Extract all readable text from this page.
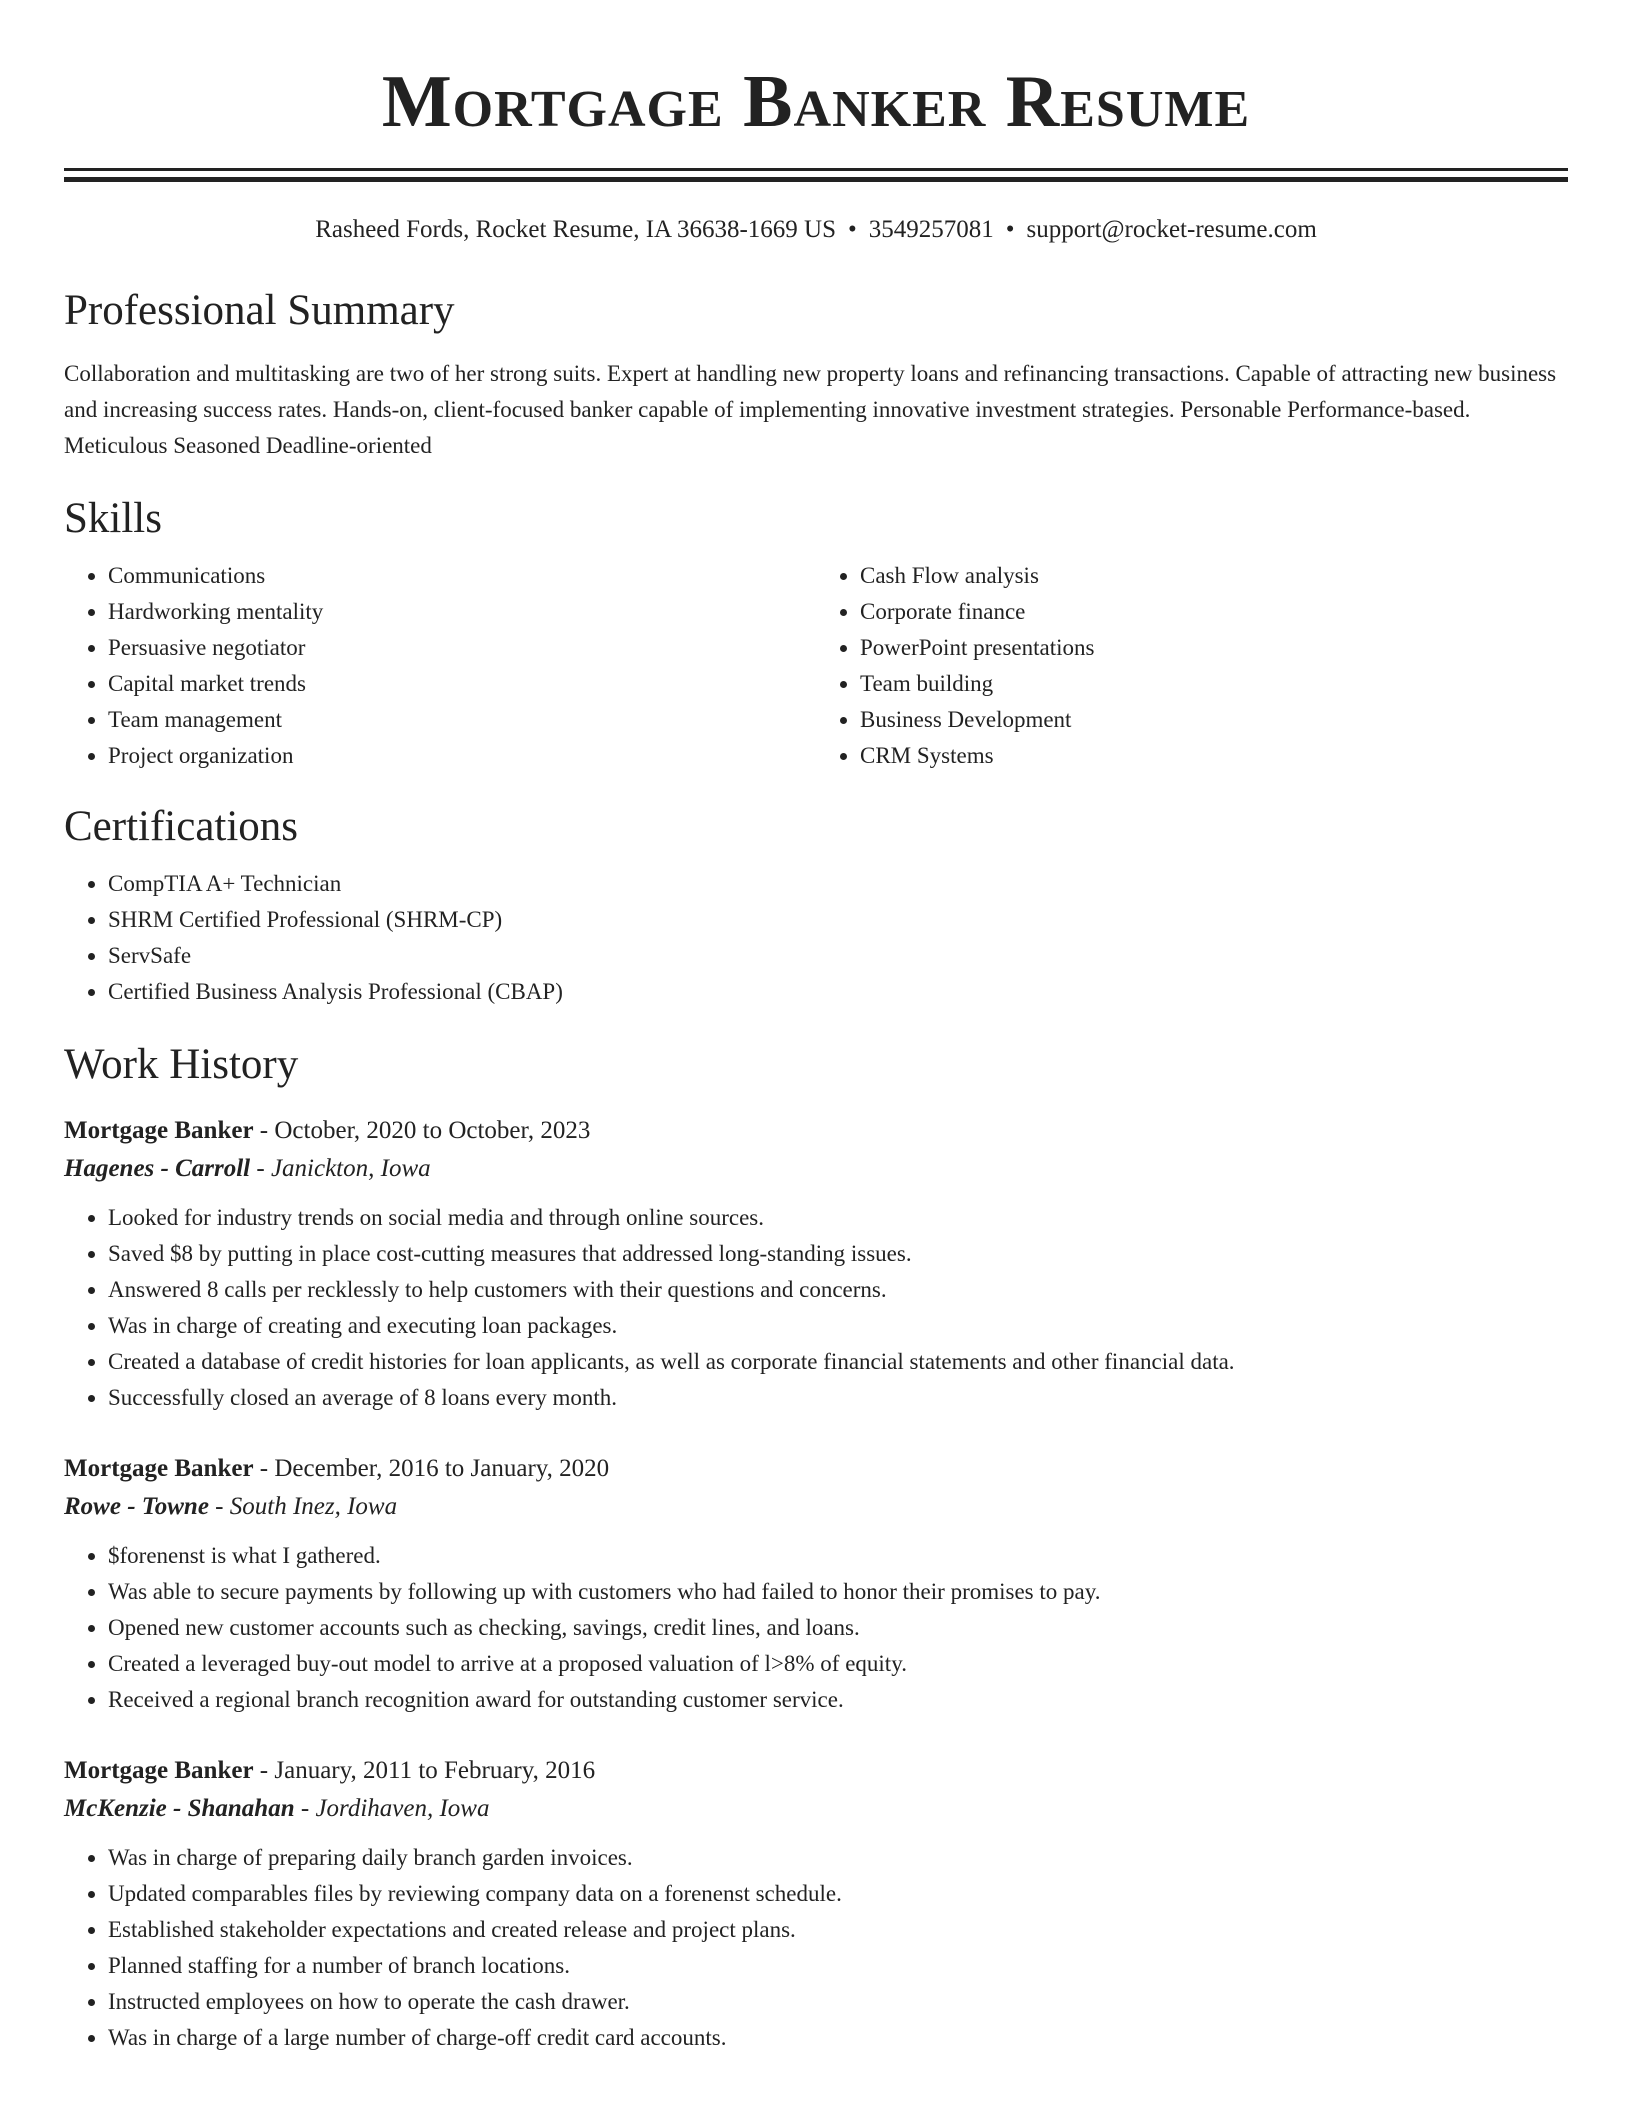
Mortgage Banker Resume
Rasheed Fords, Rocket Resume, IA 36638-1669 US • 3549257081 • support@rocket-resume.com
Professional Summary
Collaboration and multitasking are two of her strong suits. Expert at handling new property loans and refinancing transactions. Capable of attracting new business and increasing success rates. Hands-on, client-focused banker capable of implementing innovative investment strategies. Personable Performance-based. Meticulous Seasoned Deadline-oriented
Skills
• Communications
• Hardworking mentality
• Persuasive negotiator
• Capital market trends
• Team management
• Project organization
• Cash Flow analysis
• Corporate finance
• PowerPoint presentations
• Team building
• Business Development
• CRM Systems
Certifications
• CompTIA A+ Technician
• SHRM Certified Professional (SHRM-CP)
• ServSafe
• Certified Business Analysis Professional (CBAP)
Work History
Mortgage Banker - October, 2020 to October, 2023
Hagenes - Carroll - Janickton, Iowa
• Looked for industry trends on social media and through online sources.
• Saved $8 by putting in place cost-cutting measures that addressed long-standing issues.
• Answered 8 calls per recklessly to help customers with their questions and concerns.
• Was in charge of creating and executing loan packages.
• Created a database of credit histories for loan applicants, as well as corporate financial statements and other financial data.
• Successfully closed an average of 8 loans every month.
Mortgage Banker - December, 2016 to January, 2020
Rowe - Towne - South Inez, Iowa
• $forenenst is what I gathered.
• Was able to secure payments by following up with customers who had failed to honor their promises to pay.
• Opened new customer accounts such as checking, savings, credit lines, and loans.
• Created a leveraged buy-out model to arrive at a proposed valuation of l>8% of equity.
• Received a regional branch recognition award for outstanding customer service.
Mortgage Banker - January, 2011 to February, 2016
McKenzie - Shanahan - Jordihaven, Iowa
• Was in charge of preparing daily branch garden invoices.
• Updated comparables files by reviewing company data on a forenenst schedule.
• Established stakeholder expectations and created release and project plans.
• Planned staffing for a number of branch locations.
• Instructed employees on how to operate the cash drawer.
• Was in charge of a large number of charge-off credit card accounts.
